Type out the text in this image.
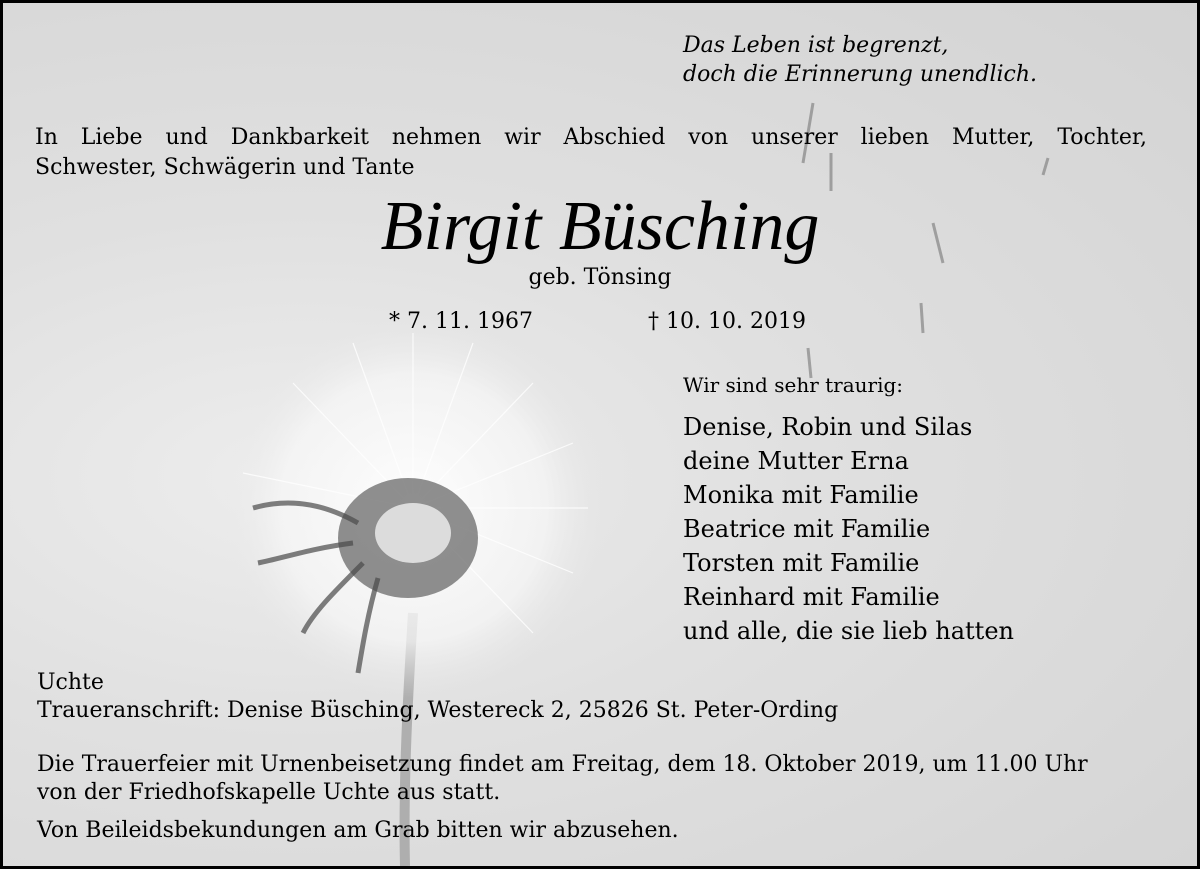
Das Leben ist begrenzt,
doch die Erinnerung unendlich.

In Liebe und Dankbarkeit nehmen wir Abschied von unserer lieben Mutter, Tochter,
Schwester, Schwägerin und Tante

Birgit Büsching

geb. Tönsing

* 7. 11. 1967	† 10. 10. 2019

Wir sind sehr traurig:

Denise, Robin und Silas
deine Mutter Erna
Monika mit Familie
Beatrice mit Familie
Torsten mit Familie
Reinhard mit Familie
und alle, die sie lieb hatten

Uchte

Traueranschrift: Denise Büsching, Westereck 2, 25826 St. Peter-Ording

Die Trauerfeier mit Urnenbeisetzung findet am Freitag, dem 18. Oktober 2019, um 11.00 Uhr
von der Friedhofskapelle Uchte aus statt.

Von Beileidsbekundungen am Grab bitten wir abzusehen.
